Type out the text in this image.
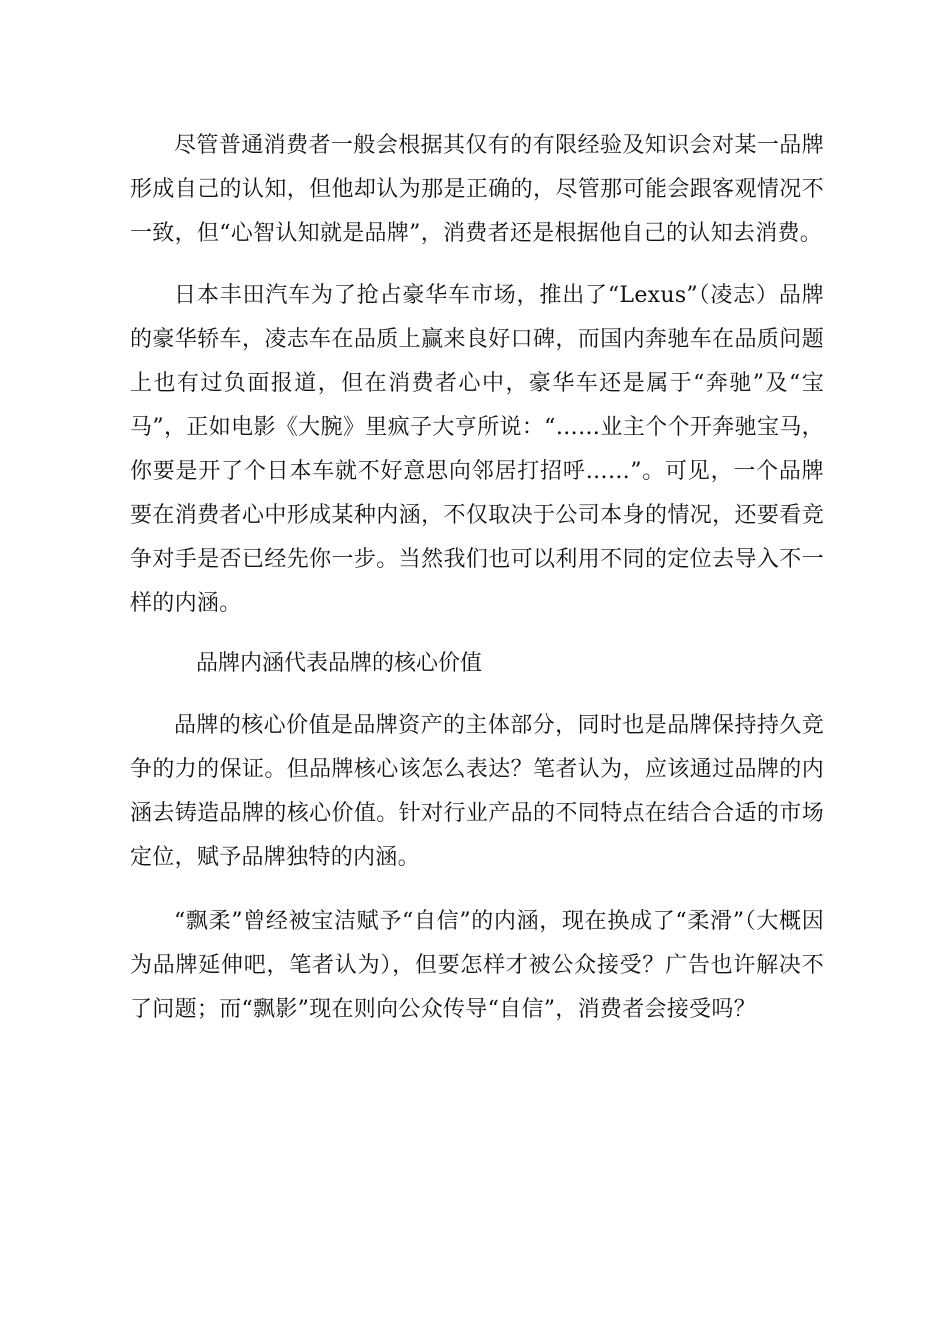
尽管普通消费者一般会根据其仅有的有限经验及知识会对某一品牌形成自己的认知，但他却认为那是正确的，尽管那可能会跟客观情况不一致，但“心智认知就是品牌”，消费者还是根据他自己的认知去消费。

日本丰田汽车为了抢占豪华车市场，推出了“Lexus”（凌志）品牌的豪华轿车，凌志车在品质上赢来良好口碑，而国内奔驰车在品质问题上也有过负面报道，但在消费者心中，豪华车还是属于“奔驰”及“宝马”，正如电影《大腕》里疯子大亨所说：“……业主个个开奔驰宝马，你要是开了个日本车就不好意思向邻居打招呼……”。可见，一个品牌要在消费者心中形成某种内涵，不仅取决于公司本身的情况，还要看竞争对手是否已经先你一步。当然我们也可以利用不同的定位去导入不一样的内涵。

品牌内涵代表品牌的核心价值

品牌的核心价值是品牌资产的主体部分，同时也是品牌保持持久竞争的力的保证。但品牌核心该怎么表达？笔者认为，应该通过品牌的内涵去铸造品牌的核心价值。针对行业产品的不同特点在结合合适的市场定位，赋予品牌独特的内涵。

“飘柔”曾经被宝洁赋予“自信”的内涵，现在换成了“柔滑”（大概因为品牌延伸吧，笔者认为），但要怎样才被公众接受？广告也许解决不了问题；而“飘影”现在则向公众传导“自信”，消费者会接受吗？
